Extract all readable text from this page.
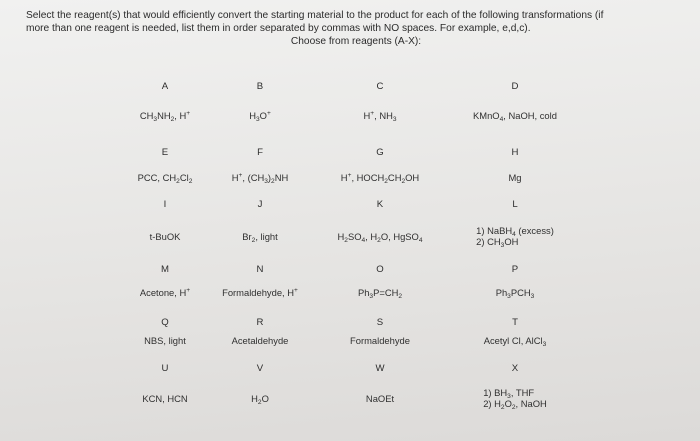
Select the reagent(s) that would efficiently convert the starting material to the product for each of the following transformations (if
more than one reagent is needed, list them in order separated by commas with NO spaces. For example, e,d,c).
Choose from reagents (A-X):
A
$CH_3NH_2$, H+
B
$H_3O^+$
C
H+, $NH_3$
D
KMnO$_4$, NaOH, cold
E
PCC, $CH_2Cl_2$
F
H+, $(CH_3)_2NH$
G
H+, $HOCH_2CH_2OH$
H
Mg
I
t-BuOK
J
$Br_2$, light
K
$H_2SO_4$, $H_2O$, HgSO$_4$
L
1) NaBH$_4$ (excess)
2) $CH_3OH$
M
Acetone, H+
N
Formaldehyde, H+
O
$Ph_3P=CH_2$
P
$Ph_3PCH_3$
Q
NBS, light
R
Acetaldehyde
S
Formaldehyde
T
Acetyl Cl, AlCl$_3$
U
KCN, HCN
V
$H_2O$
W
NaOEt
X
1) $BH_3$, THF
2) $H_2O_2$, NaOH
